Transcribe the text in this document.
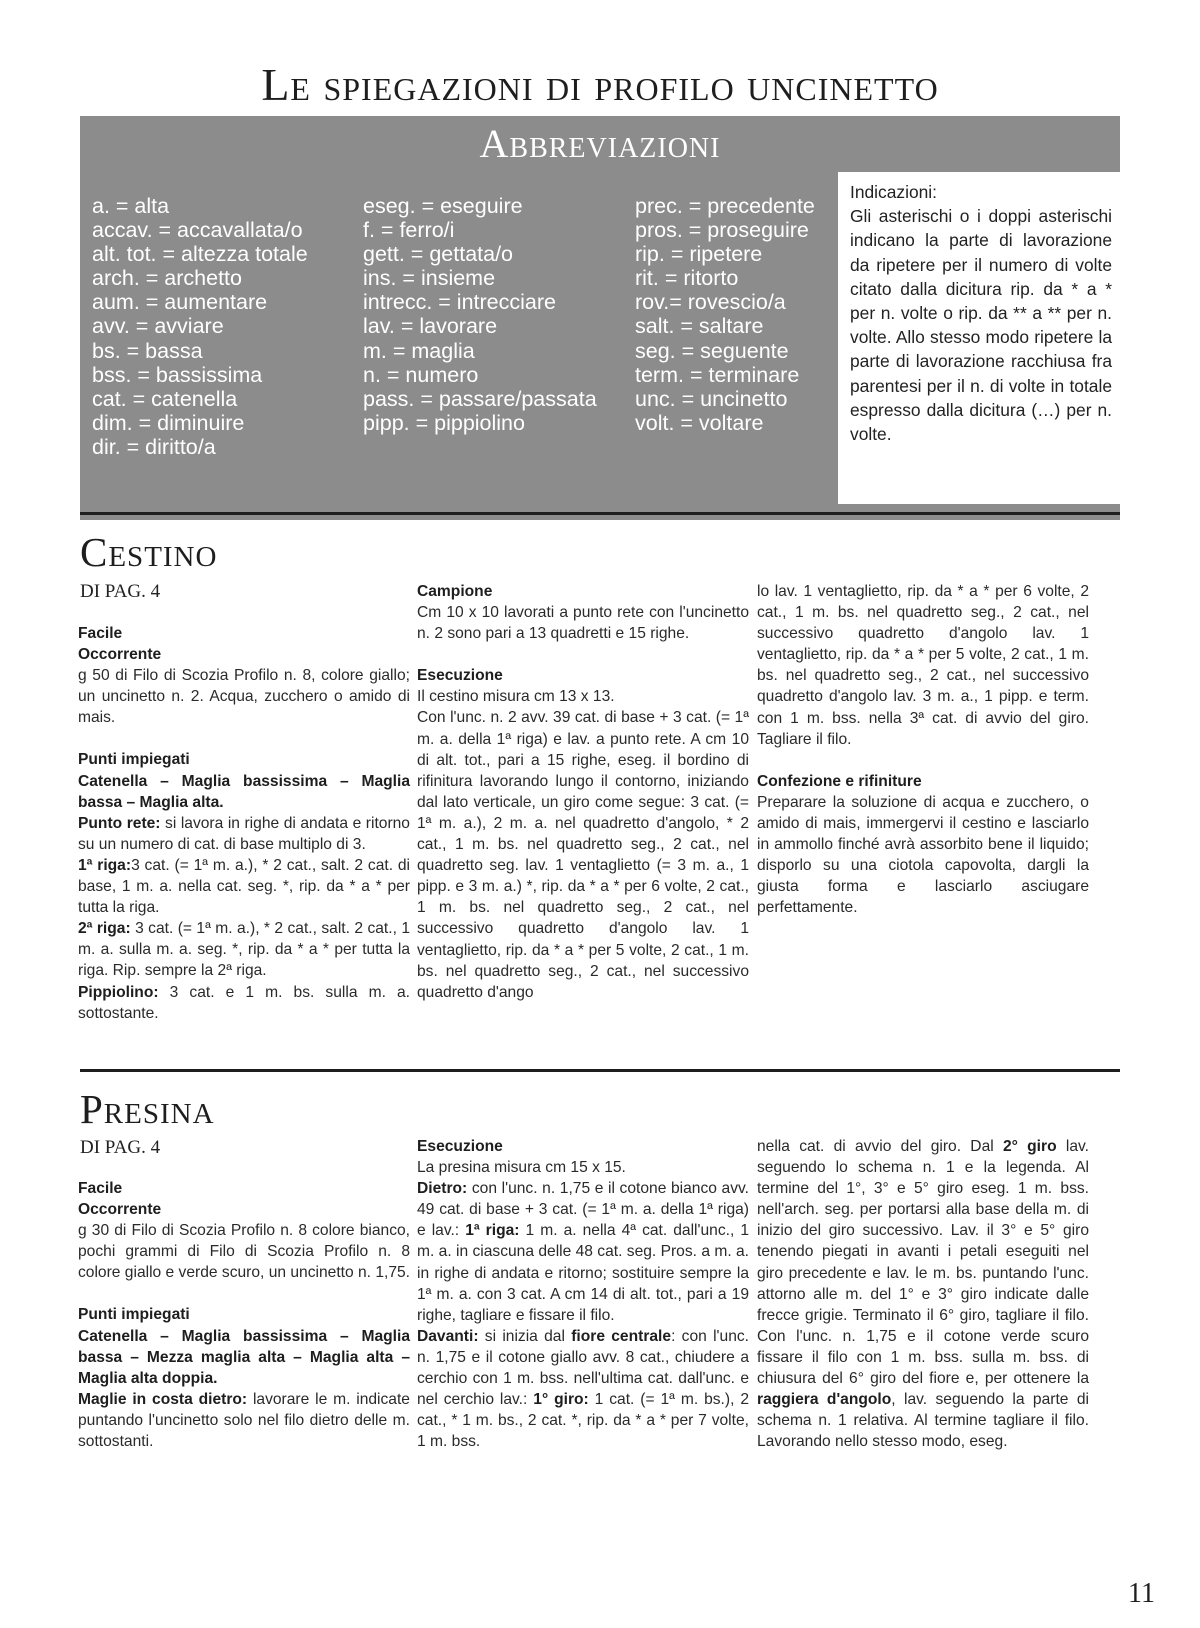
Le spiegazioni di profilo uncinetto
Abbreviazioni
a. = alta
accav. = accavallata/o
alt. tot. = altezza totale
arch. = archetto
aum. = aumentare
avv. = avviare
bs. = bassa
bss. = bassissima
cat. = catenella
dim. = diminuire
dir. = diritto/a
eseg. = eseguire
f. = ferro/i
gett. = gettata/o
ins. = insieme
intrecc. = intrecciare
lav. = lavorare
m. = maglia
n. = numero
pass. = passare/passata
pipp. = pippiolino
prec. = precedente
pros. = proseguire
rip. = ripetere
rit. = ritorto
rov.= rovescio/a
salt. = saltare
seg. = seguente
term. = terminare
unc. = uncinetto
volt. = voltare
Indicazioni:
Gli asterischi o i doppi asterischi indicano la parte di lavorazione da ripetere per il numero di volte citato dalla dicitura rip. da * a * per n. volte o rip. da ** a ** per n. volte. Allo stesso modo ripetere la parte di lavorazione racchiusa fra parentesi per il n. di volte in totale espresso dalla dicitura (…) per n. volte.
Cestino
DI PAG. 4

Facile

Occorrente

g 50 di Filo di Scozia Profilo n. 8, colore giallo; un uncinetto n. 2. Acqua, zucchero o amido di mais.

Punti impiegati

Catenella – Maglia bassissima – Maglia bassa – Maglia alta.

Punto rete: si lavora in righe di andata e ritorno su un numero di cat. di base multiplo di 3.

1ª riga:3 cat. (= 1ª m. a.), * 2 cat., salt. 2 cat. di base, 1 m. a. nella cat. seg. *, rip. da * a * per tutta la riga.

2ª riga: 3 cat. (= 1ª m. a.), * 2 cat., salt. 2 cat., 1 m. a. sulla m. a. seg. *, rip. da * a * per tutta la riga. Rip. sempre la 2ª riga.

Pippiolino: 3 cat. e 1 m. bs. sulla m. a. sottostante.

Campione

Cm 10 x 10 lavorati a punto rete con l'uncinetto n. 2 sono pari a 13 quadretti e 15 righe.

Esecuzione

Il cestino misura cm 13 x 13.

Con l'unc. n. 2 avv. 39 cat. di base + 3 cat. (= 1ª m. a. della 1ª riga) e lav. a punto rete. A cm 10 di alt. tot., pari a 15 righe, eseg. il bordino di rifinitura lavorando lungo il contorno, iniziando dal lato verticale, un giro come segue: 3 cat. (= 1ª m. a.), 2 m. a. nel quadretto d'angolo, * 2 cat., 1 m. bs. nel quadretto seg., 2 cat., nel quadretto seg. lav. 1 ventaglietto (= 3 m. a., 1 pipp. e 3 m. a.) *, rip. da * a * per 6 volte, 2 cat., 1 m. bs. nel quadretto seg., 2 cat., nel successivo quadretto d'angolo lav. 1 ventaglietto, rip. da * a * per 5 volte, 2 cat., 1 m. bs. nel quadretto seg., 2 cat., nel successivo quadretto d'ango

lo lav. 1 ventaglietto, rip. da * a * per 6 volte, 2 cat., 1 m. bs. nel quadretto seg., 2 cat., nel successivo quadretto d'angolo lav. 1 ventaglietto, rip. da * a * per 5 volte, 2 cat., 1 m. bs. nel quadretto seg., 2 cat., nel successivo quadretto d'angolo lav. 3 m. a., 1 pipp. e term. con 1 m. bss. nella 3ª cat. di avvio del giro. Tagliare il filo.

Confezione e rifiniture

Preparare la soluzione di acqua e zucchero, o amido di mais, immergervi il cestino e lasciarlo in ammollo finché avrà assorbito bene il liquido; disporlo su una ciotola capovolta, dargli la giusta forma e lasciarlo asciugare perfettamente.

Presina
DI PAG. 4

Facile

Occorrente

g 30 di Filo di Scozia Profilo n. 8 colore bianco, pochi grammi di Filo di Scozia Profilo n. 8 colore giallo e verde scuro, un uncinetto n. 1,75.

Punti impiegati

Catenella – Maglia bassissima – Maglia bassa – Mezza maglia alta – Maglia alta – Maglia alta doppia.

Maglie in costa dietro: lavorare le m. indicate puntando l'uncinetto solo nel filo dietro delle m. sottostanti.

Esecuzione

La presina misura cm 15 x 15.

Dietro: con l'unc. n. 1,75 e il cotone bianco avv. 49 cat. di base + 3 cat. (= 1ª m. a. della 1ª riga) e lav.: 1ª riga: 1 m. a. nella 4ª cat. dall'unc., 1 m. a. in ciascuna delle 48 cat. seg. Pros. a m. a. in righe di andata e ritorno; sostituire sempre la 1ª m. a. con 3 cat. A cm 14 di alt. tot., pari a 19 righe, tagliare e fissare il filo.

Davanti: si inizia dal fiore centrale: con l'unc. n. 1,75 e il cotone giallo avv. 8 cat., chiudere a cerchio con 1 m. bss. nell'ultima cat. dall'unc. e nel cerchio lav.: 1° giro: 1 cat. (= 1ª m. bs.), 2 cat., * 1 m. bs., 2 cat. *, rip. da * a * per 7 volte, 1 m. bss.

nella cat. di avvio del giro. Dal 2° giro lav. seguendo lo schema n. 1 e la legenda. Al termine del 1°, 3° e 5° giro eseg. 1 m. bss. nell'arch. seg. per portarsi alla base della m. di inizio del giro successivo. Lav. il 3° e 5° giro tenendo piegati in avanti i petali eseguiti nel giro precedente e lav. le m. bs. puntando l'unc. attorno alle m. del 1° e 3° giro indicate dalle frecce grigie. Terminato il 6° giro, tagliare il filo. Con l'unc. n. 1,75 e il cotone verde scuro fissare il filo con 1 m. bss. sulla m. bss. di chiusura del 6° giro del fiore e, per ottenere la raggiera d'angolo, lav. seguendo la parte di schema n. 1 relativa. Al termine tagliare il filo. Lavorando nello stesso modo, eseg.

11
